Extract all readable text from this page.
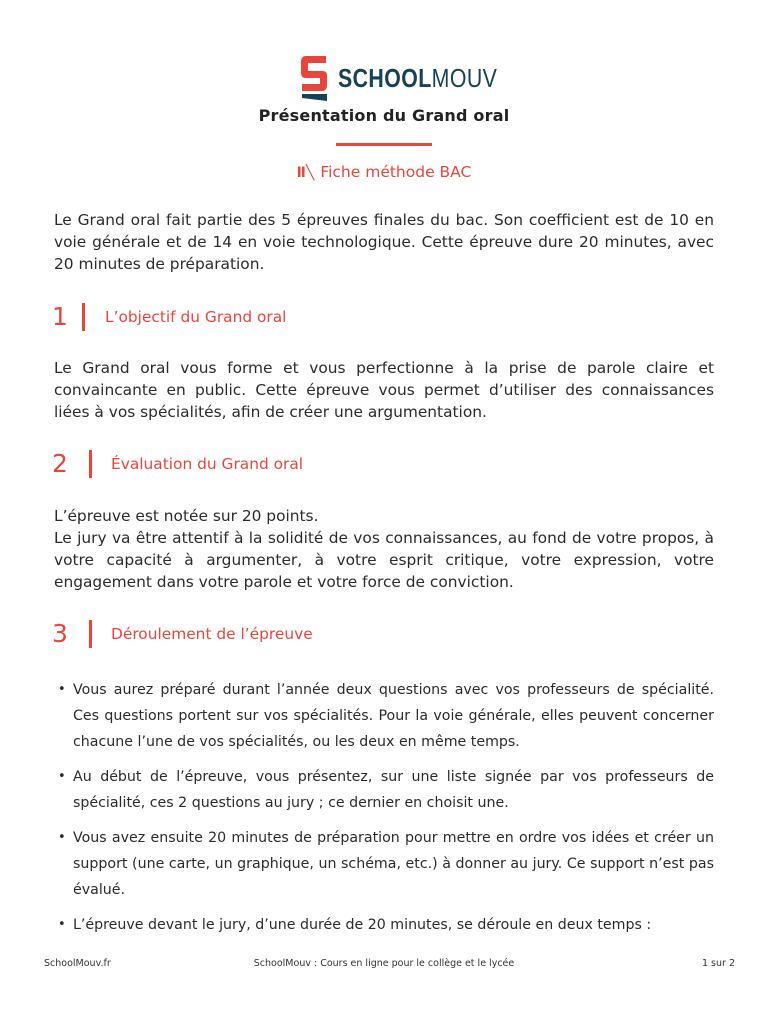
SCHOOLMOUV
Présentation du Grand oral
Ⅱ╲ Fiche méthode BAC
Le Grand oral fait partie des 5 épreuves finales du bac. Son coefficient est de 10 en voie générale et de 14 en voie technologique. Cette épreuve dure 20 minutes, avec 20 minutes de préparation.
1 L’objectif du Grand oral
Le Grand oral vous forme et vous perfectionne à la prise de parole claire et convaincante en public. Cette épreuve vous permet d’utiliser des connaissances liées à vos spécialités, afin de créer une argumentation.
2	Évaluation du Grand oral
L’épreuve est notée sur 20 points.
Le jury va être attentif à la solidité de vos connaissances, au fond de votre propos, à votre capacité à argumenter, à votre esprit critique, votre expression, votre engagement dans votre parole et votre force de conviction.
3	Déroulement de l’épreuve
• Vous aurez préparé durant l’année deux questions avec vos professeurs de spécialité. Ces questions portent sur vos spécialités. Pour la voie générale, elles peuvent concerner chacune l’une de vos spécialités, ou les deux en même temps.
• Au début de l’épreuve, vous présentez, sur une liste signée par vos professeurs de spécialité, ces 2 questions au jury ; ce dernier en choisit une.
• Vous avez ensuite 20 minutes de préparation pour mettre en ordre vos idées et créer un support (une carte, un graphique, un schéma, etc.) à donner au jury. Ce support n’est pas évalué.
• L’épreuve devant le jury, d’une durée de 20 minutes, se déroule en deux temps :
SchoolMouv.fr	SchoolMouv : Cours en ligne pour le collège et le lycée	1 sur 2
